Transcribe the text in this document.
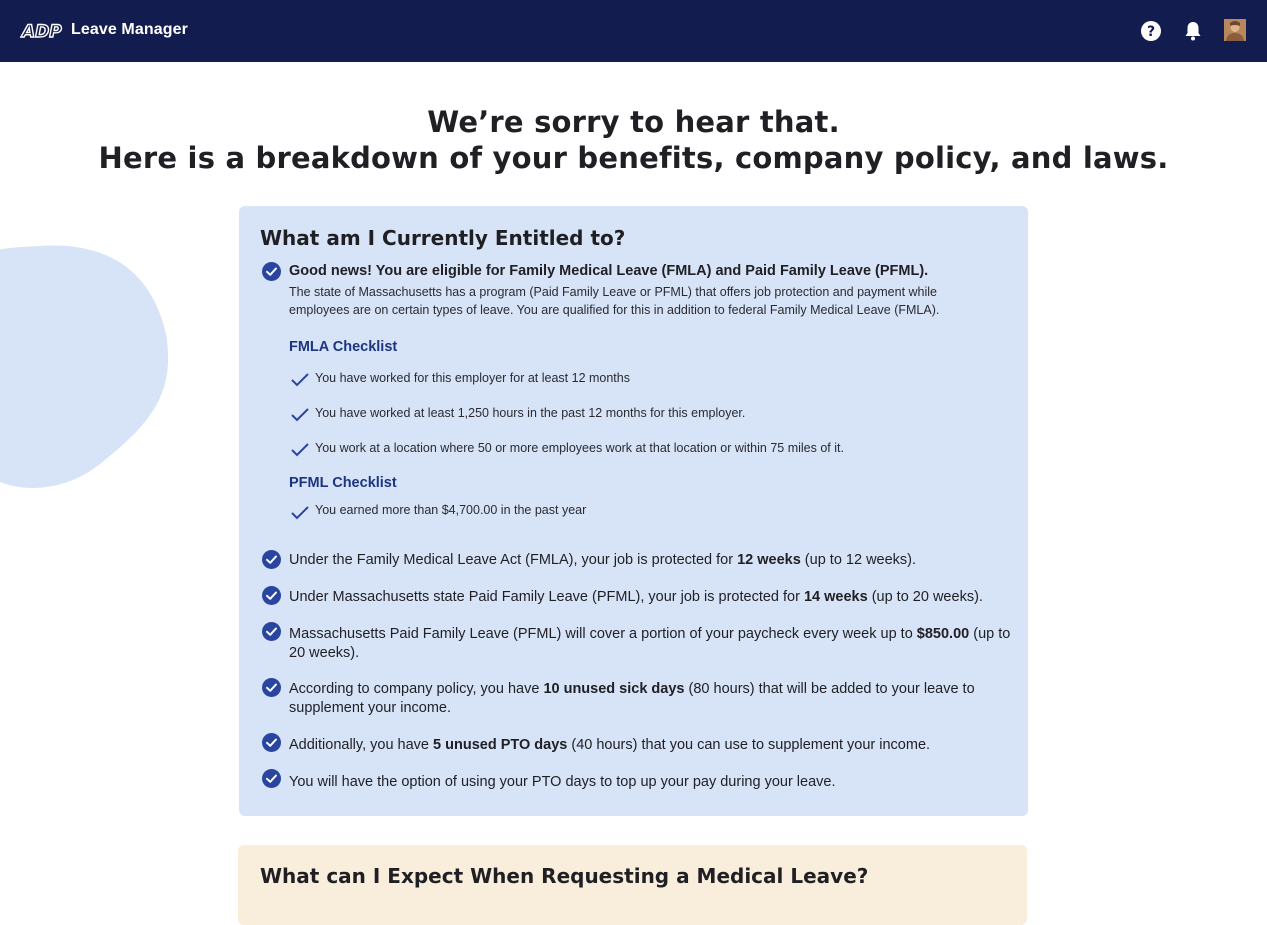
ADP Leave Manager	?
We’re sorry to hear that.
Here is a breakdown of your benefits, company policy, and laws.
What am I Currently Entitled to?
Good news! You are eligible for Family Medical Leave (FMLA) and Paid Family Leave (PFML).
The state of Massachusetts has a program (Paid Family Leave or PFML) that offers job protection and payment while employees are on certain types of leave. You are qualified for this in addition to federal Family Medical Leave (FMLA).
FMLA Checklist
You have worked for this employer for at least 12 months
You have worked at least 1,250 hours in the past 12 months for this employer.
You work at a location where 50 or more employees work at that location or within 75 miles of it.
PFML Checklist
You earned more than $4,700.00 in the past year
Under the Family Medical Leave Act (FMLA), your job is protected for 12 weeks (up to 12 weeks).
Under Massachusetts state Paid Family Leave (PFML), your job is protected for 14 weeks (up to 20 weeks).
Massachusetts Paid Family Leave (PFML) will cover a portion of your paycheck every week up to $850.00 (up to 20 weeks).
According to company policy, you have 10 unused sick days (80 hours) that will be added to your leave to supplement your income.
Additionally, you have 5 unused PTO days (40 hours) that you can use to supplement your income.
You will have the option of using your PTO days to top up your pay during your leave.
What can I Expect When Requesting a Medical Leave?
